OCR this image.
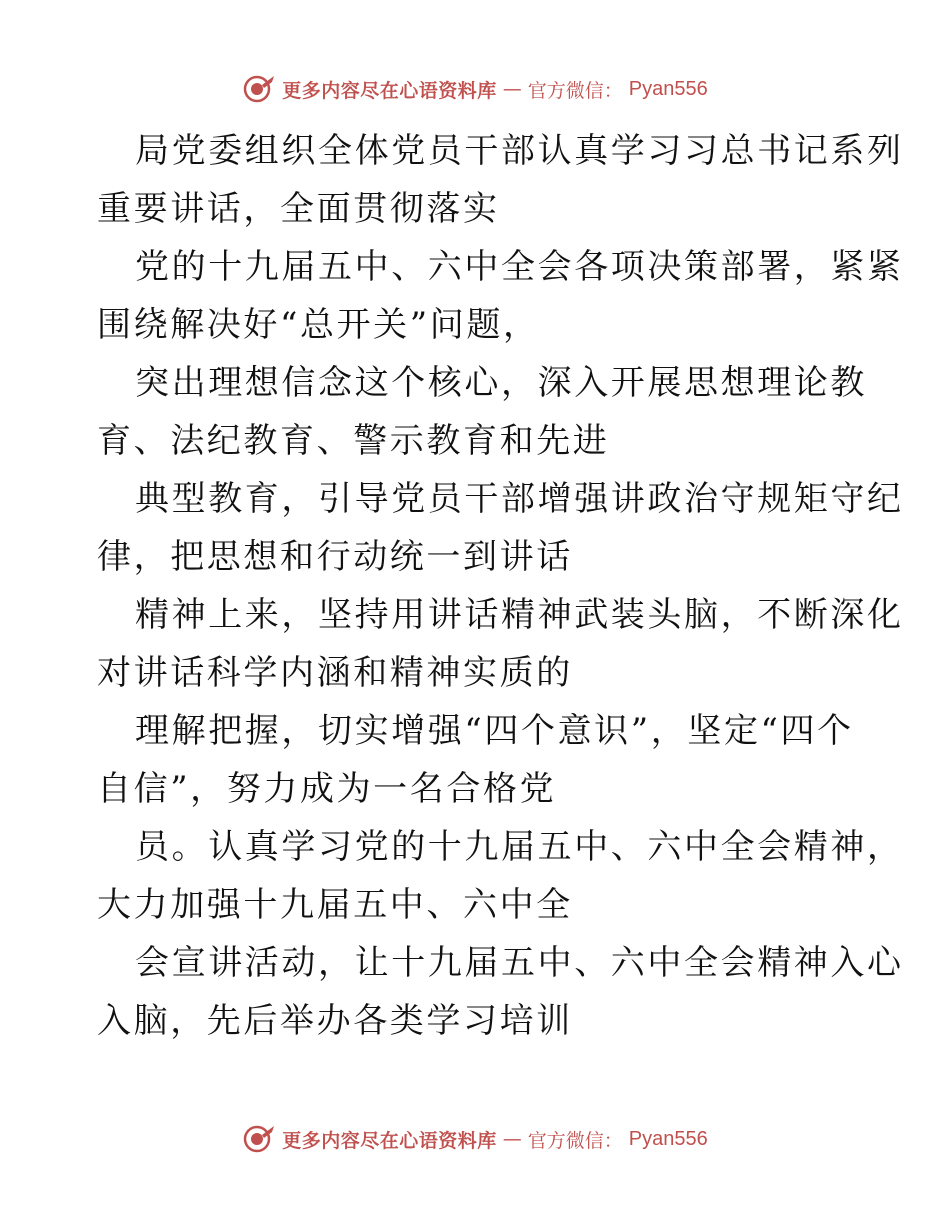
更多内容尽在心语资料库 — 官方微信： Pyan556

局党委组织全体党员干部认真学习习总书记系列
重要讲话，全面贯彻落实

党的十九届五中、六中全会各项决策部署，紧紧
围绕解决好“总开关”问题，

突出理想信念这个核心，深入开展思想理论教
育、法纪教育、警示教育和先进

典型教育，引导党员干部增强讲政治守规矩守纪
律，把思想和行动统一到讲话

精神上来，坚持用讲话精神武装头脑，不断深化
对讲话科学内涵和精神实质的

理解把握，切实增强“四个意识”，坚定“四个
自信”，努力成为一名合格党

员。认真学习党的十九届五中、六中全会精神，
大力加强十九届五中、六中全

会宣讲活动，让十九届五中、六中全会精神入心
入脑，先后举办各类学习培训

更多内容尽在心语资料库 — 官方微信： Pyan556
